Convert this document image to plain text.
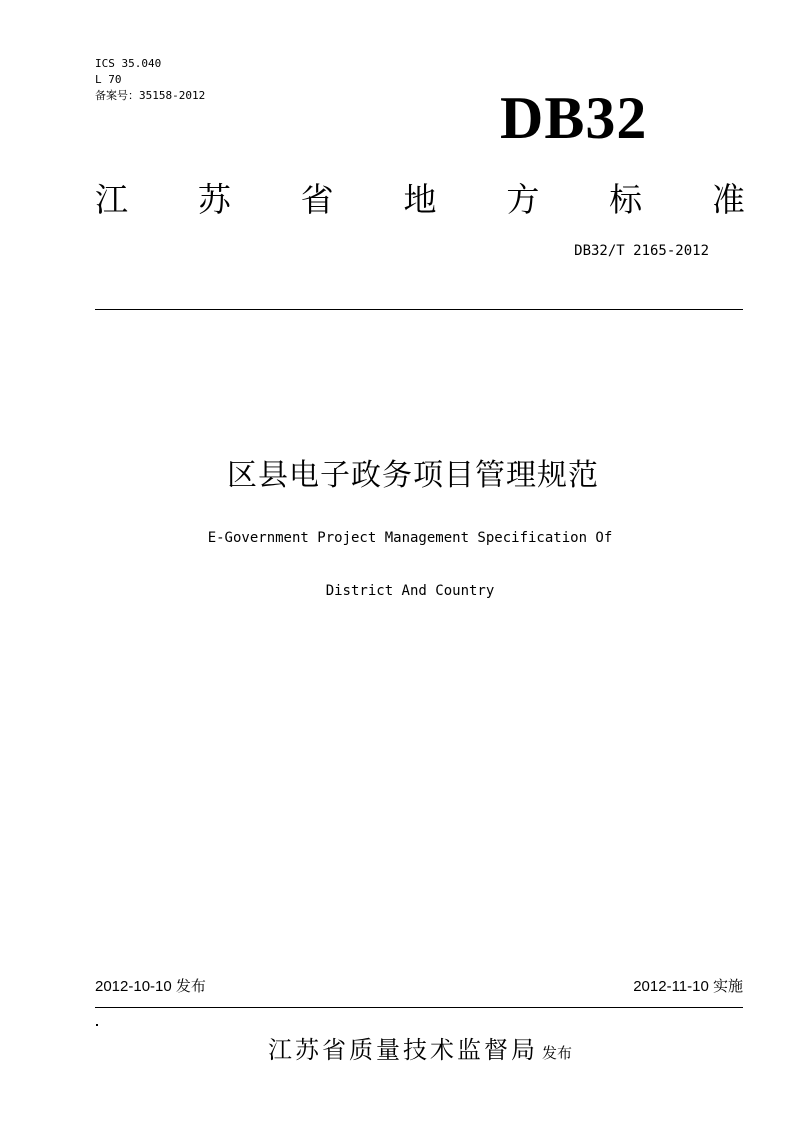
ICS 35.040
L 70
备案号：35158-2012	DB32
江 苏 省 地 方 标 准
DB32/T 2165-2012
区县电子政务项目管理规范
E-Government Project Management Specification Of
District And Country
2012-10-10 发布	2012-11-10 实施
江苏省质量技术监督局 发布
